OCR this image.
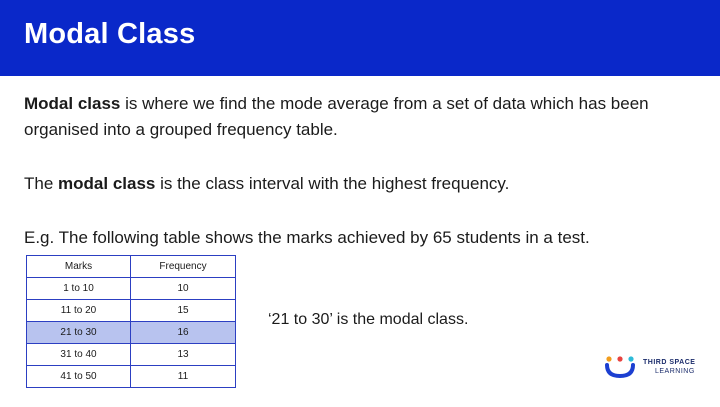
Modal Class
Modal class is where we find the mode average from a set of data which has been organised into a grouped frequency table.
The modal class is the class interval with the highest frequency.
E.g. The following table shows the marks achieved by 65 students in a test.
Marks	Frequency
1 to 10	10
11 to 20	15
21 to 30	16
31 to 40	13
41 to 50	11
‘21 to 30’ is the modal class.
THIRD SPACE
LEARNING
